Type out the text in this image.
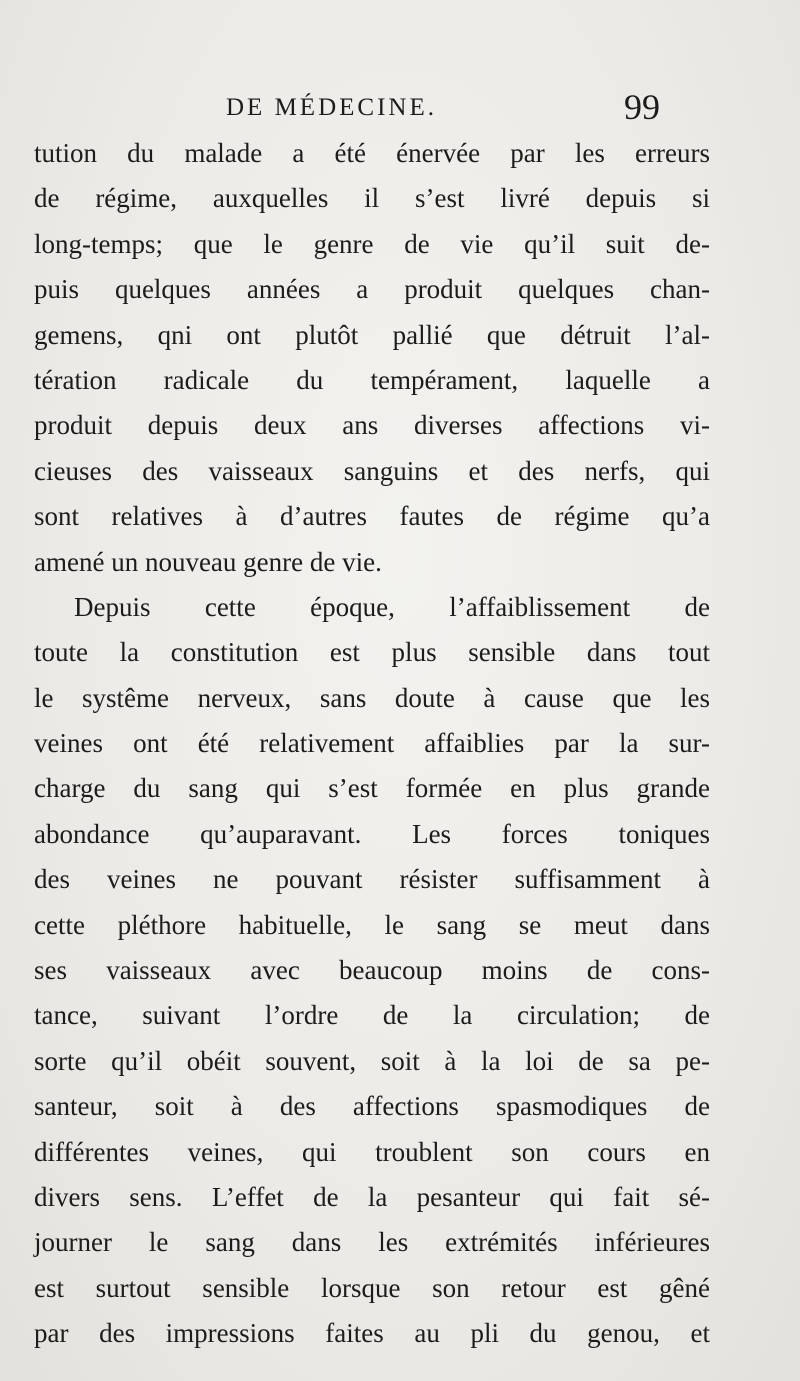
DE MÉDECINE.	99
tution du malade a été énervée par les erreurs
de régime, auxquelles il s’est livré depuis si
long-temps; que le genre de vie qu’il suit de-
puis quelques années a produit quelques chan-
gemens, qni ont plutôt pallié que détruit l’al-
tération radicale du tempérament, laquelle a
produit depuis deux ans diverses affections vi-
cieuses des vaisseaux sanguins et des nerfs, qui
sont relatives à d’autres fautes de régime qu’a
amené un nouveau genre de vie.
Depuis cette époque, l’affaiblissement de
toute la constitution est plus sensible dans tout
le systême nerveux, sans doute à cause que les
veines ont été relativement affaiblies par la sur-
charge du sang qui s’est formée en plus grande
abondance qu’auparavant. Les forces toniques
des veines ne pouvant résister suffisamment à
cette pléthore habituelle, le sang se meut dans
ses vaisseaux avec beaucoup moins de cons-
tance, suivant l’ordre de la circulation; de
sorte qu’il obéit souvent, soit à la loi de sa pe-
santeur, soit à des affections spasmodiques de
différentes veines, qui troublent son cours en
divers sens. L’effet de la pesanteur qui fait sé-
journer le sang dans les extrémités inférieures
est surtout sensible lorsque son retour est gêné
par des impressions faites au pli du genou, et
